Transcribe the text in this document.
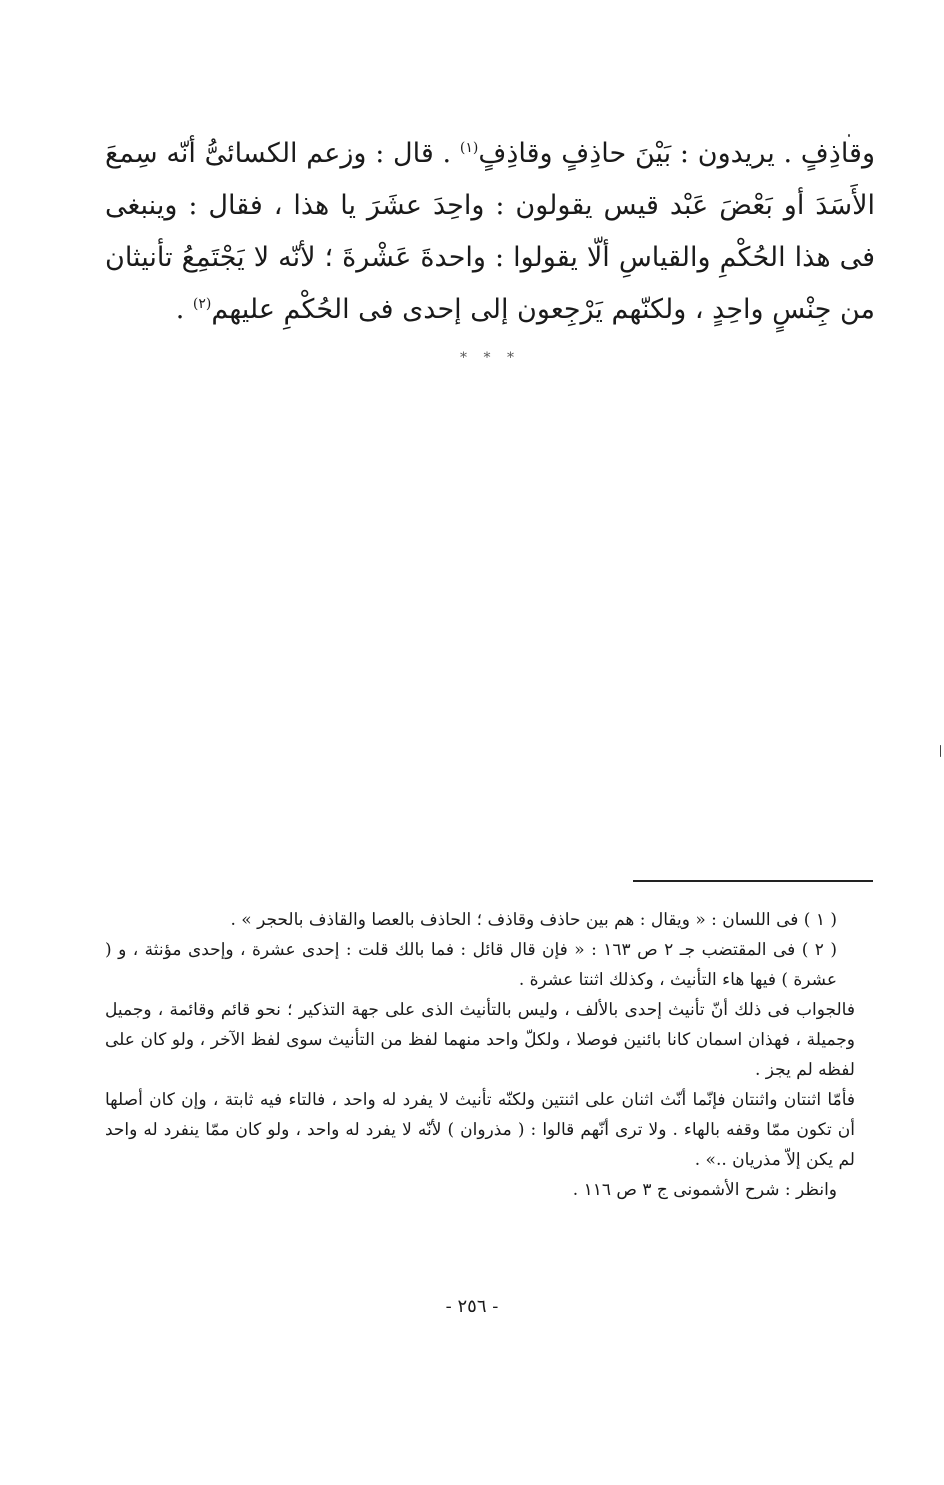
وقاذِفٍ . يريدون : بَيْنَ حاذِفٍ وقاذِفٍ$^{(١)}$ . قال : وزعم الكسائىُّ أنّه سِمعَ الأَسَدَ أو بَعْضَ عَبْد قيس يقولون : واحِدَ عشَرَ يا هذا ، فقال : وينبغى فى هذا الحُكْمِ والقياسِ ألّا يقولوا : واحدةَ عَشْرةَ ؛ لأنّه لا يَجْتَمِعُ تأنيثان من جِنْسٍ واحِدٍ ، ولكنّهم يَرْجِعون إلى إحدى فى الحُكْمِ عليهم$^{(٢)}$ .

* * *

( ١ ) فى اللسان : « ويقال : هم بين حاذف وقاذف ؛ الحاذف بالعصا والقاذف بالحجر » .

( ٢ ) فى المقتضب جـ ٢ ص ١٦٣ : « فإن قال قائل : فما بالك قلت : إحدى عشرة ، وإحدى مؤنثة ، و ( عشرة ) فيها هاء التأنيث ، وكذلك اثنتا عشرة .

فالجواب فى ذلك أنّ تأنيث إحدى بالألف ، وليس بالتأنيث الذى على جهة التذكير ؛ نحو قائم وقائمة ، وجميل وجميلة ، فهذان اسمان كانا بائنين فوصلا ، ولكلّ واحد منهما لفظ من التأنيث سوى لفظ الآخر ، ولو كان على لفظه لم يجز .

فأمّا اثنتان واثنتان فإنّما أنّث اثنان على اثنتين ولكنّه تأنيث لا يفرد له واحد ، فالتاء فيه ثابتة ، وإن كان أصلها أن تكون ممّا وقفه بالهاء . ولا ترى أنّهم قالوا : ( مذروان ) لأنّه لا يفرد له واحد ، ولو كان ممّا ينفرد له واحد لم يكن إلاّ مذريان ..» .

وانظر : شرح الأشمونى ج ٣ ص ١١٦ .

- ٢٥٦ -
